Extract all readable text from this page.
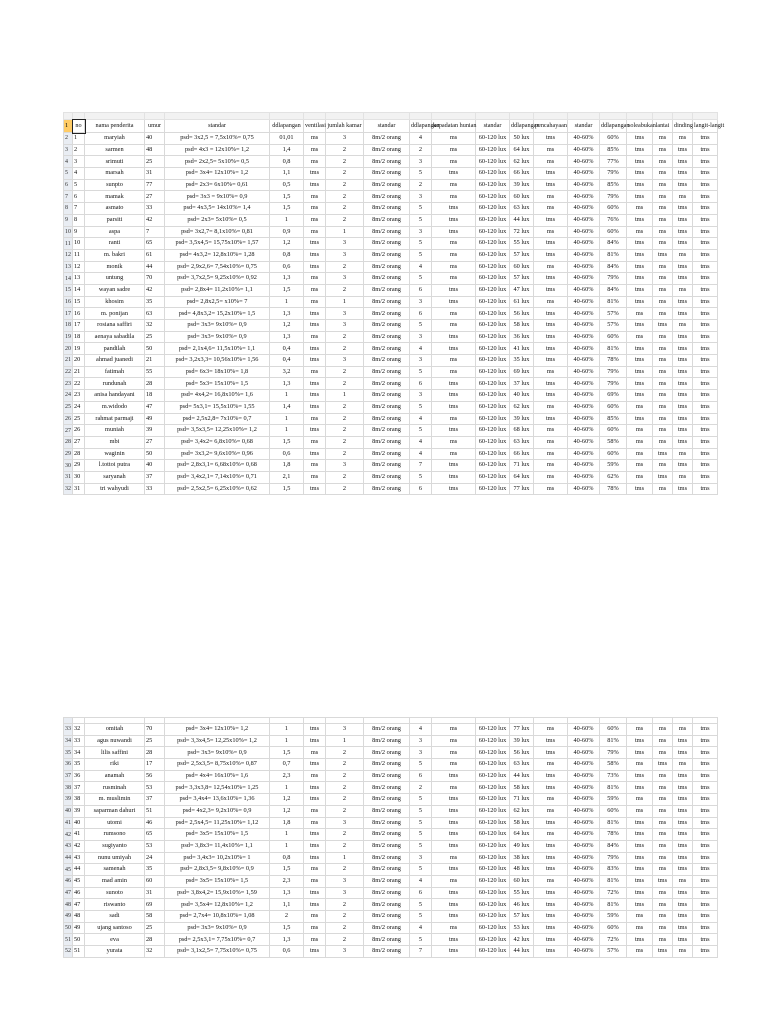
1	no	nama penderita	umur	standar	ddlapangan	ventilasi	jumlah kamar	standar	ddlapangan	kepadatan hunian	standar	ddlapangan	pencahayaan	standar	ddlapangan	soleabukan	lantai	dinding	langit-langit
2	1	maryiah	40	psd= 3x2,5 = 7,5x10%= 0,75	01,01	ms	3	8m/2 orang	4	ms	60-120 lux	50 lux	tms	40-60%	60%	tms	ms	ms	tms
3	2	sarmen	48	psd= 4x3 = 12x10%= 1,2	1,4	ms	2	8m/2 orang	2	ms	60-120 lux	64 lux	ms	40-60%	85%	tms	ms	tms	tms
4	3	srimuti	25	psd= 2x2,5= 5x10%= 0,5	0,8	ms	2	8m/2 orang	3	ms	60-120 lux	62 lux	ms	40-60%	77%	tms	ms	tms	tms
5	4	marsah	31	psd= 3x4= 12x10%= 1,2	1,1	tms	2	8m/2 orang	5	tms	60-120 lux	66 lux	tms	40-60%	79%	tms	ms	tms	tms
6	5	sunpto	77	psd= 2x3= 6x10%= 0,61	0,5	tms	2	8m/2 orang	2	ms	60-120 lux	39 lux	tms	40-60%	85%	tms	ms	tms	tms
7	6	mamak	27	psd= 3x3 = 9x10%= 0,9	1,5	ms	2	8m/2 orang	3	ms	60-120 lux	60 lux	ms	40-60%	79%	tms	ms	ms	tms
8	7	asmato	33	psd= 4x3,5= 14x10%= 1,4	1,5	ms	2	8m/2 orang	5	tms	60-120 lux	63 lux	ms	40-60%	60%	ms	ms	tms	tms
9	8	parsiti	42	psd= 2x3= 5x10%= 0,5	1	ms	2	8m/2 orang	5	tms	60-120 lux	44 lux	tms	40-60%	76%	tms	ms	tms	tms
10	9	aspa	7	psd= 3x2,7= 8,1x10%= 0,81	0,9	ms	1	8m/2 orang	3	tms	60-120 lux	72 lux	ms	40-60%	60%	ms	ms	tms	tms
11	10	ranti	65	psd= 3,5x4,5= 15,75x10%= 1,57	1,2	tms	3	8m/2 orang	5	ms	60-120 lux	55 lux	tms	40-60%	84%	tms	ms	tms	tms
12	11	m. bakri	61	psd= 4x3,2= 12,8x10%= 1,28	0,8	tms	3	8m/2 orang	5	ms	60-120 lux	57 lux	tms	40-60%	81%	tms	tms	ms	tms
13	12	monik	44	psd= 2,9x2,6= 7,54x10%= 0,75	0,6	tms	2	8m/2 orang	4	ms	60-120 lux	60 lux	ms	40-60%	84%	tms	ms	tms	tms
14	13	untung	70	psd= 3,7x2,5= 9,25x10%= 0,92	1,3	ms	3	8m/2 orang	5	ms	60-120 lux	57 lux	tms	40-60%	79%	tms	ms	tms	tms
15	14	wayan sadre	42	psd= 2,8x4= 11,2x10%= 1,1	1,5	ms	2	8m/2 orang	6	tms	60-120 lux	47 lux	tms	40-60%	84%	tms	ms	ms	tms
16	15	khosim	35	psd= 2,8x2,5= x10%= 7	1	ms	1	8m/2 orang	3	tms	60-120 lux	61 lux	ms	40-60%	81%	tms	ms	tms	tms
17	16	m. ponijan	63	psd= 4,8x3,2= 15,2x10%= 1,5	1,3	tms	3	8m/2 orang	6	ms	60-120 lux	56 lux	tms	40-60%	57%	ms	ms	tms	tms
18	17	rosiana saffiri	32	psd= 3x3= 9x10%= 0,9	1,2	tms	3	8m/2 orang	5	ms	60-120 lux	58 lux	tms	40-60%	57%	tms	tms	ms	tms
19	18	aenaya sabadila	25	psd= 3x3= 9x10%= 0,9	1,3	ms	2	8m/2 orang	3	tms	60-120 lux	36 lux	tms	40-60%	60%	ms	ms	tms	tms
20	19	pandilah	50	psd= 2,1x4,6= 11,5x10%= 1,1	0,4	tms	2	8m/2 orang	4	tms	60-120 lux	41 lux	tms	40-60%	81%	tms	ms	tms	tms
21	20	ahmad juanedi	21	psd= 3,2x3,3= 10,56x10%= 1,56	0,4	tms	3	8m/2 orang	3	ms	60-120 lux	35 lux	tms	40-60%	78%	tms	ms	tms	tms
22	21	fatimah	55	psd= 6x3= 18x10%= 1,8	3,2	ms	2	8m/2 orang	5	ms	60-120 lux	69 lux	ms	40-60%	79%	tms	ms	tms	tms
23	22	rundunah	28	psd= 5x3= 15x10%= 1,5	1,3	tms	2	8m/2 orang	6	tms	60-120 lux	37 lux	tms	40-60%	79%	tms	ms	tms	tms
24	23	anisa handayani	18	psd= 4x4,2= 16,8x10%= 1,6	1	tms	1	8m/2 orang	3	tms	60-120 lux	40 lux	tms	40-60%	69%	tms	ms	tms	tms
25	24	m.widodo	47	psd= 5x3,1= 15,5x10%= 1,55	1,4	tms	2	8m/2 orang	5	tms	60-120 lux	62 lux	ms	40-60%	60%	ms	ms	tms	tms
26	25	rahmat parmaji	49	psd= 2,5x2,8= 7x10%= 0,7	1	ms	2	8m/2 orang	4	ms	60-120 lux	39 lux	tms	40-60%	85%	tms	ms	tms	tms
27	26	muniah	39	psd= 3,5x3,5= 12,25x10%= 1,2	1	tms	2	8m/2 orang	5	tms	60-120 lux	68 lux	ms	40-60%	60%	ms	ms	tms	tms
28	27	mbi	27	psd= 3,4x2= 6,8x10%= 0,68	1,5	ms	2	8m/2 orang	4	ms	60-120 lux	63 lux	ms	40-60%	58%	ms	ms	tms	tms
29	28	waginin	50	psd= 3x3,2= 9,6x10%= 0,96	0,6	tms	2	8m/2 orang	4	ms	60-120 lux	66 lux	ms	40-60%	60%	ms	tms	ms	tms
30	29	l.tottoi putra	40	psd= 2,8x3,1= 6,68x10%= 0,68	1,8	ms	3	8m/2 orang	7	tms	60-120 lux	71 lux	ms	40-60%	59%	ms	ms	tms	tms
31	30	saryanah	37	psd= 3,4x2,1= 7,14x10%= 0,71	2,1	ms	2	8m/2 orang	5	tms	60-120 lux	64 lux	ms	40-60%	62%	ms	tms	ms	tms
32	31	tri wahyudi	33	psd= 2,5x2,5= 6,25x10%= 0,62	1,5	tms	2	8m/2 orang	6	tms	60-120 lux	77 lux	ms	40-60%	78%	tms	ms	tms	tms

33	32	omitah	70	psd= 3x4= 12x10%= 1,2	1	tms	3	8m/2 orang	4	ms	60-120 lux	77 lux	ms	40-60%	60%	ms	ms	ms	tms
34	33	agus nuwandi	25	psd= 3,3x4,5= 12,25x10%= 1,2	1	tms	1	8m/2 orang	3	ms	60-120 lux	39 lux	tms	40-60%	81%	tms	ms	tms	tms
35	34	lilis saffini	28	psd= 3x3= 9x10%= 0,9	1,5	ms	2	8m/2 orang	3	ms	60-120 lux	56 lux	tms	40-60%	79%	tms	ms	tms	tms
36	35	riki	17	psd= 2,5x3,5= 8,75x10%= 0,87	0,7	tms	2	8m/2 orang	5	ms	60-120 lux	63 lux	ms	40-60%	58%	ms	tms	ms	tms
37	36	anamah	56	psd= 4x4= 16x10%= 1,6	2,3	ms	2	8m/2 orang	6	tms	60-120 lux	44 lux	tms	40-60%	73%	tms	ms	tms	tms
38	37	rusminah	53	psd= 3,3x3,8= 12,54x10%= 1,25	1	tms	2	8m/2 orang	2	ms	60-120 lux	58 lux	tms	40-60%	81%	tms	ms	tms	tms
39	38	m. muslimin	37	psd= 3,4x4= 13,6x10%= 1,36	1,2	tms	2	8m/2 orang	5	tms	60-120 lux	71 lux	ms	40-60%	59%	ms	ms	tms	tms
40	39	saparman dahuri	51	psd= 4x2,3= 9,2x10%= 0,9	1,2	ms	2	8m/2 orang	5	tms	60-120 lux	62 lux	ms	40-60%	60%	ms	ms	tms	tms
41	40	utomi	46	psd= 2,5x4,5= 11,25x10%= 1,12	1,8	ms	3	8m/2 orang	5	tms	60-120 lux	58 lux	tms	40-60%	81%	tms	ms	tms	tms
42	41	rumsono	65	psd= 3x5= 15x10%= 1,5	1	tms	2	8m/2 orang	5	tms	60-120 lux	64 lux	ms	40-60%	78%	tms	ms	tms	tms
43	42	sugiyanto	53	psd= 3,8x3= 11,4x10%= 1,1	1	tms	2	8m/2 orang	5	tms	60-120 lux	49 lux	tms	40-60%	84%	tms	ms	tms	tms
44	43	nunu umiyah	24	psd= 3,4x3= 10,2x10%= 1	0,8	tms	1	8m/2 orang	3	ms	60-120 lux	38 lux	tms	40-60%	79%	tms	ms	tms	tms
45	44	samenah	35	psd= 2,8x3,5= 9,8x10%= 0,9	1,5	ms	2	8m/2 orang	5	tms	60-120 lux	48 lux	tms	40-60%	83%	tms	ms	tms	tms
46	45	mad amin	60	psd= 3x5= 15x10%= 1,5	2,3	ms	3	8m/2 orang	4	ms	60-120 lux	60 lux	ms	40-60%	81%	tms	tms	ms	tms
47	46	sunoto	31	psd= 3,8x4,2= 15,9x10%= 1,59	1,3	tms	3	8m/2 orang	6	tms	60-120 lux	55 lux	tms	40-60%	72%	tms	ms	tms	tms
48	47	riswanto	69	psd= 3,5x4= 12,8x10%= 1,2	1,1	tms	2	8m/2 orang	5	tms	60-120 lux	46 lux	tms	40-60%	81%	tms	ms	tms	tms
49	48	sadi	58	psd= 2,7x4= 10,8x10%= 1,08	2	ms	2	8m/2 orang	5	tms	60-120 lux	57 lux	tms	40-60%	59%	ms	ms	tms	tms
50	49	ujang santoso	25	psd= 3x3= 9x10%= 0,9	1,5	ms	2	8m/2 orang	4	ms	60-120 lux	53 lux	tms	40-60%	60%	ms	ms	tms	tms
51	50	eva	28	psd= 2,5x3,1= 7,75x10%= 0,7	1,3	ms	2	8m/2 orang	5	tms	60-120 lux	42 lux	tms	40-60%	72%	tms	ms	tms	tms
52	51	yurata	32	psd= 3,1x2,5= 7,75x10%= 0,75	0,6	tms	3	8m/2 orang	7	tms	60-120 lux	44 lux	tms	40-60%	57%	ms	tms	ms	tms
